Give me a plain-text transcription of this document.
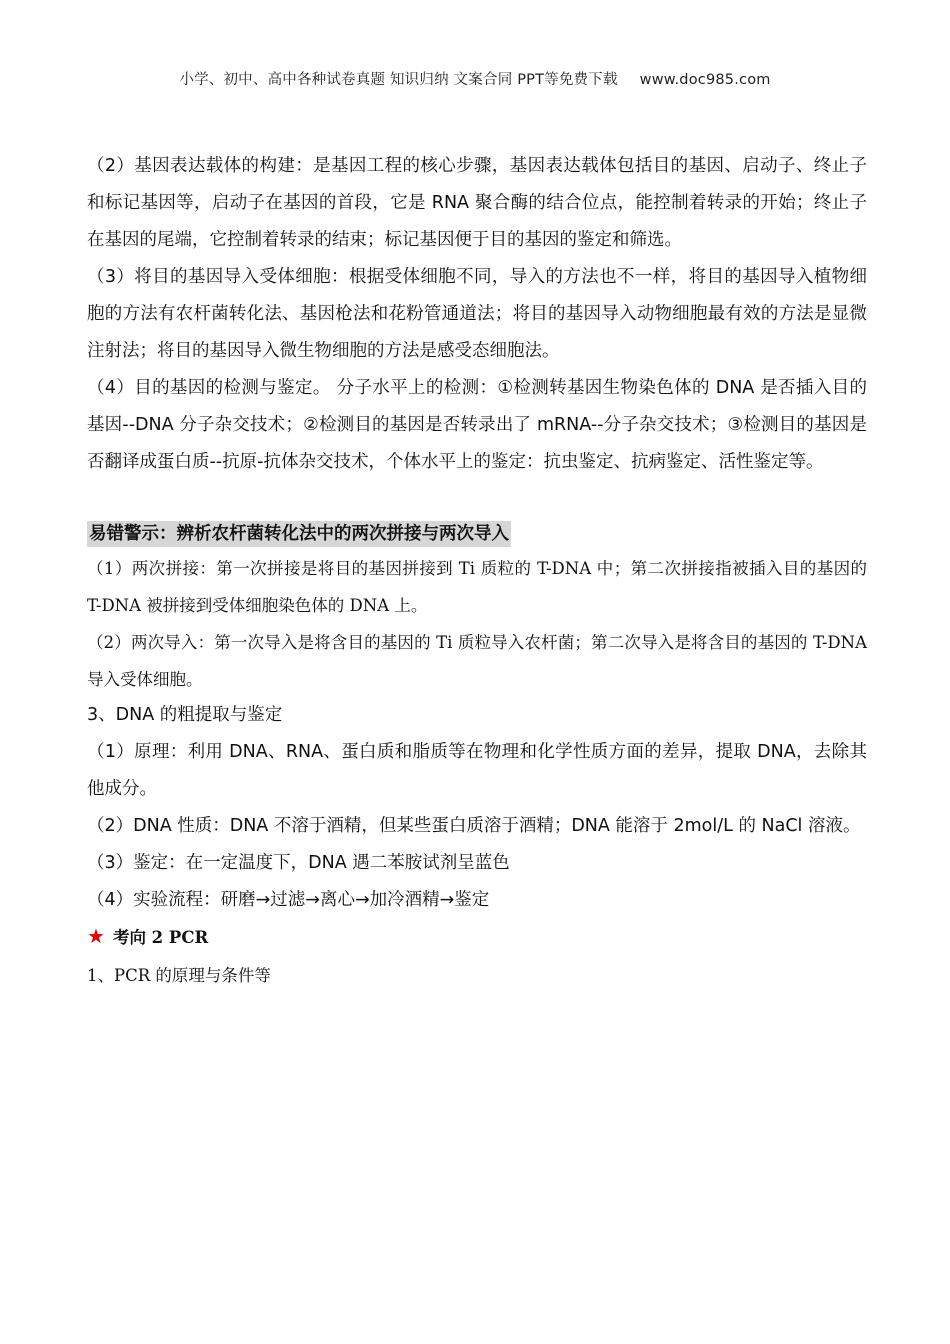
小学、初中、高中各种试卷真题 知识归纳 文案合同 PPT等免费下载 www.doc985.com

（2）基因表达载体的构建：是基因工程的核心步骤，基因表达载体包括目的基因、启动子、终止子和标记基因等，启动子在基因的首段，它是 RNA 聚合酶的结合位点，能控制着转录的开始；终止子在基因的尾端，它控制着转录的结束；标记基因便于目的基因的鉴定和筛选。

（3）将目的基因导入受体细胞：根据受体细胞不同，导入的方法也不一样，将目的基因导入植物细胞的方法有农杆菌转化法、基因枪法和花粉管通道法；将目的基因导入动物细胞最有效的方法是显微注射法；将目的基因导入微生物细胞的方法是感受态细胞法。

（4）目的基因的检测与鉴定。 分子水平上的检测：①检测转基因生物染色体的 DNA 是否插入目的基因--DNA 分子杂交技术；②检测目的基因是否转录出了 mRNA--分子杂交技术；③检测目的基因是否翻译成蛋白质--抗原-抗体杂交技术，个体水平上的鉴定：抗虫鉴定、抗病鉴定、活性鉴定等。

易错警示：辨析农杆菌转化法中的两次拼接与两次导入

（1）两次拼接：第一次拼接是将目的基因拼接到 Ti 质粒的 T-DNA 中；第二次拼接指被插入目的基因的 T-DNA 被拼接到受体细胞染色体的 DNA 上。

（2）两次导入：第一次导入是将含目的基因的 Ti 质粒导入农杆菌；第二次导入是将含目的基因的 T-DNA 导入受体细胞。

3、DNA 的粗提取与鉴定

（1）原理：利用 DNA、RNA、蛋白质和脂质等在物理和化学性质方面的差异，提取 DNA，去除其他成分。

（2）DNA 性质：DNA 不溶于酒精，但某些蛋白质溶于酒精；DNA 能溶于 2mol/L 的 NaCl 溶液。

（3）鉴定：在一定温度下，DNA 遇二苯胺试剂呈蓝色

（4）实验流程：研磨→过滤→离心→加冷酒精→鉴定

★ 考向 2 PCR

1、PCR 的原理与条件等
